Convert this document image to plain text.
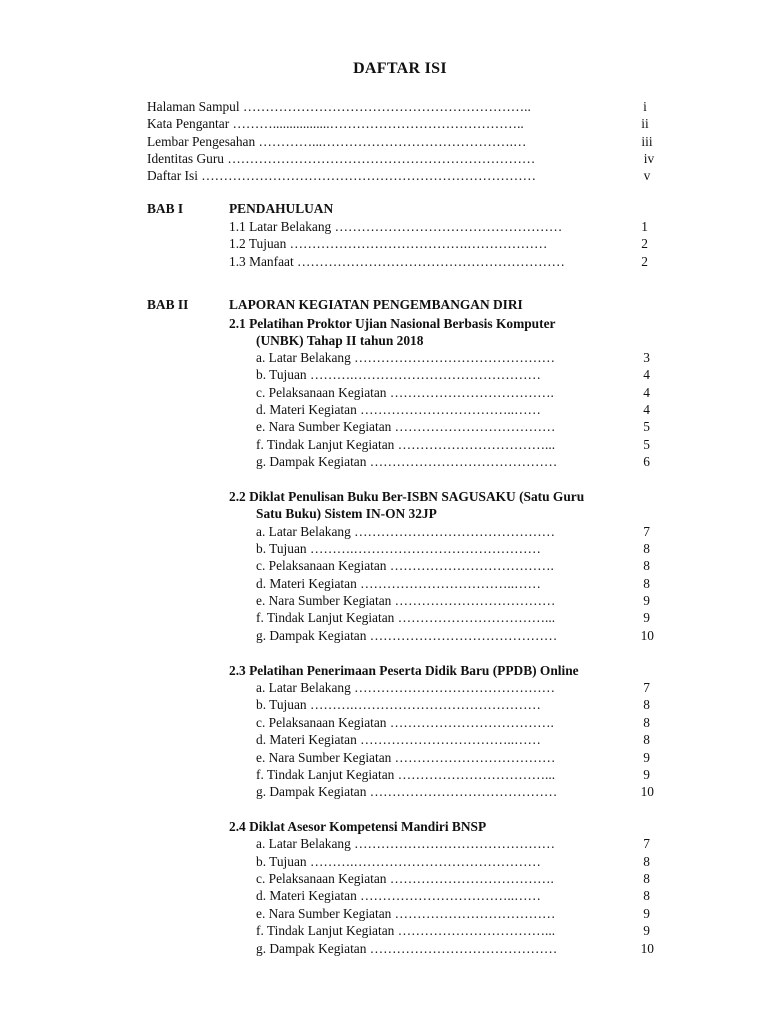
DAFTAR ISI
Halaman Sampul ………………………………………………………..	i
Kata Pengantar ……….................……………………………………..	ii
Lembar Pengesahan …………...…………………………………….…	iii
Identitas Guru ……………………………………………………………	iv
Daftar Isi …………………………………………………………………	v
BAB I	PENDAHULUAN
1.1 Latar Belakang ……………………………………………	1
1.2 Tujuan ………………………………….………………	2
1.3 Manfaat ……………………………………………………	2
BAB II	LAPORAN KEGIATAN PENGEMBANGAN DIRI
2.1 Pelatihan Proktor Ujian Nasional Berbasis Komputer
(UNBK) Tahap II tahun 2018
a. Latar Belakang ………………………………………	3
b. Tujuan ……….……………………………………	4
c. Pelaksanaan Kegiatan ……………………………….	4
d. Materi Kegiatan ……………………………..……	4
e. Nara Sumber Kegiatan ………………………………	5
f. Tindak Lanjut Kegiatan ……………………………...	5
g. Dampak Kegiatan ……………………………………	6
2.2 Diklat Penulisan Buku Ber-ISBN SAGUSAKU (Satu Guru
Satu Buku) Sistem IN-ON 32JP
a. Latar Belakang ………………………………………	7
b. Tujuan ……….……………………………………	8
c. Pelaksanaan Kegiatan ……………………………….	8
d. Materi Kegiatan ……………………………..……	8
e. Nara Sumber Kegiatan ………………………………	9
f. Tindak Lanjut Kegiatan ……………………………...	9
g. Dampak Kegiatan ……………………………………	10
2.3 Pelatihan Penerimaan Peserta Didik Baru (PPDB) Online
a. Latar Belakang ………………………………………	7
b. Tujuan ……….……………………………………	8
c. Pelaksanaan Kegiatan ……………………………….	8
d. Materi Kegiatan ……………………………..……	8
e. Nara Sumber Kegiatan ………………………………	9
f. Tindak Lanjut Kegiatan ……………………………...	9
g. Dampak Kegiatan ……………………………………	10
2.4 Diklat Asesor Kompetensi Mandiri BNSP
a. Latar Belakang ………………………………………	7
b. Tujuan ……….……………………………………	8
c. Pelaksanaan Kegiatan ……………………………….	8
d. Materi Kegiatan ……………………………..……	8
e. Nara Sumber Kegiatan ………………………………	9
f. Tindak Lanjut Kegiatan ……………………………...	9
g. Dampak Kegiatan ……………………………………	10
